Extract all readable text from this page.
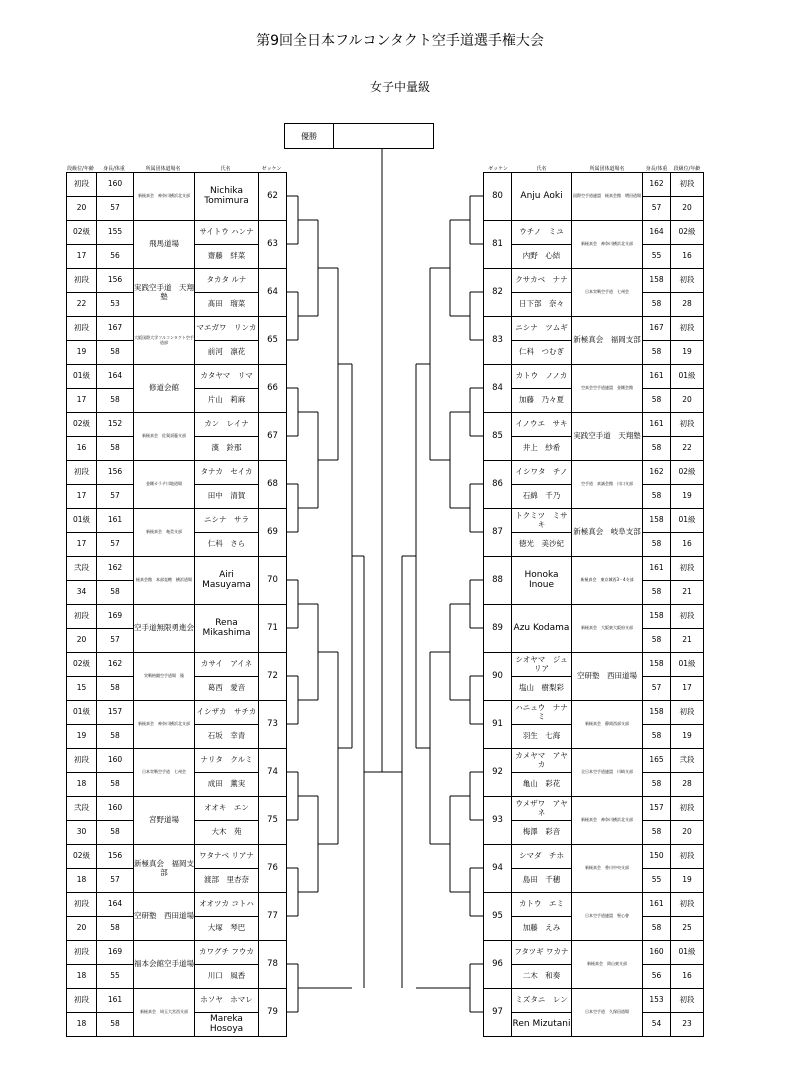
第9回全日本フルコンタクト空手道選手権大会
女子中量級
優勝
段級位/年齢	身長/体重	所属団体道場名	氏名	ゼッケン	ゼッケン	氏名	所属団体道場名	身長/体重	段級位/年齢
初段	160	新極真会　神奈川横浜北支部	Nichika Tomimura	62
20	57			
02級	155	飛馬道場	サイトウ ハンナ	63
17	56		齋藤　絆菜	
初段	156	実践空手道　天翔塾	タカタ ルナ	64
22	53		髙田　瑠菜	
初段	167	大阪国際大学フルコンタクト空手道部	マエガワ　リンカ	65
19	58		前河　凛花	
01級	164	修道会館	カタヤマ　リマ	66
17	58		片山　莉麻	
02級	152	新極真会　佐賀須藤支部	カン　レイナ	67
16	58		漢　鈴那	
初段	156	金剛カラテ川地道場	タナカ　セイカ	68
17	57		田中　清賀	
01級	161	新極真会　奄美支部	ニシナ　サラ	69
17	57		仁科　さら	
弐段	162	極真会館　本部直轄　横浜道場	Airi Masuyama	70
34	58			
初段	169	空手道無限勇進会	Rena Mikashima	71
20	57			
02級	162	実戦格闘空手道場　隆	カサイ　アイネ	72
15	58		葛西　愛音	
01級	157	新極真会　神奈川横浜北支部	イシザカ　サチカ	73
19	58		石坂　幸青	
初段	160	日本実戦空手道　七州会	ナリタ　クルミ	74
18	58		成田　薫実	
弐段	160	宮野道場	オオキ　エン	75
30	58		大木　苑	
02級	156	新極真会　福岡支部	ワタナベ リアナ	76
18	57		渡部　里杏奈	
初段	164	空研塾　西田道場	オオツカ コトハ	77
20	58		大塚　琴巴	
初段	169	福本会館空手道場	カワグチ フウカ	78
18	55		川口　風香	
初段	161	新極真会　埼玉大宮西支部	ホソヤ　ホマレ	79
18	58		Mareka Hosoya	
80	Anju Aoki	国際空手道連盟　極真会館　増田道場	162	初段
			57	20
81	ウチノ　ミユ	新極真会　神奈川横浜北支部	164	02級
	内野　心結		55	16
82	クサカベ　ナナ	日本実戦空手道　七州会	158	初段
	日下部　奈々		58	28
83	ニシナ　ツムギ	新極真会　福岡支部	167	初段
	仁科　つむぎ		58	19
84	カトウ　ノノカ	空真会空手道連盟　金剛会館	161	01級
	加藤　乃々夏		58	20
85	イノウエ　サキ	実践空手道　天翔塾	161	初段
	井上　紗希		58	22
86	イシワタ　チノ	空手道　真誠会館　川口支部	162	02級
	石綿　千乃		58	19
87	トクミツ　ミサキ	新極真会　岐阜支部	158	01級
	徳光　美沙紀		58	16
88	Honoka Inoue	新極真会　東京城西3・4支部	161	初段
			58	21
89	Azu Kodama	新極真会　大阪東大阪府支部	158	初段
			58	21
90	シオヤマ　ジュリア	空研塾　西田道場	158	01級
	塩山　樹梨彩		57	17
91	ハニュウ　ナナミ	新極真会　静岡西部支部	158	初段
	羽生　七海		58	19
92	カメヤマ　アヤカ	全日本空手道連盟　川崎支部	165	弐段
	亀山　彩花		58	28
93	ウメザワ　アヤネ	新極真会　神奈川横浜北支部	157	初段
	梅澤　彩音		58	20
94	シマダ　チホ	新極真会　香川中央支部	150	初段
	島田　千穂		55	19
95	カトウ　エミ	日本空手道連盟　聖心會	161	初段
	加藤　えみ		58	25
96	フタツギ ワカナ	新極真会　岡山東支部	160	01級
	二木　和奏		56	16
97	ミズタニ　レン	日本空手道　久保田道場	153	初段
	Ren Mizutani		54	23
